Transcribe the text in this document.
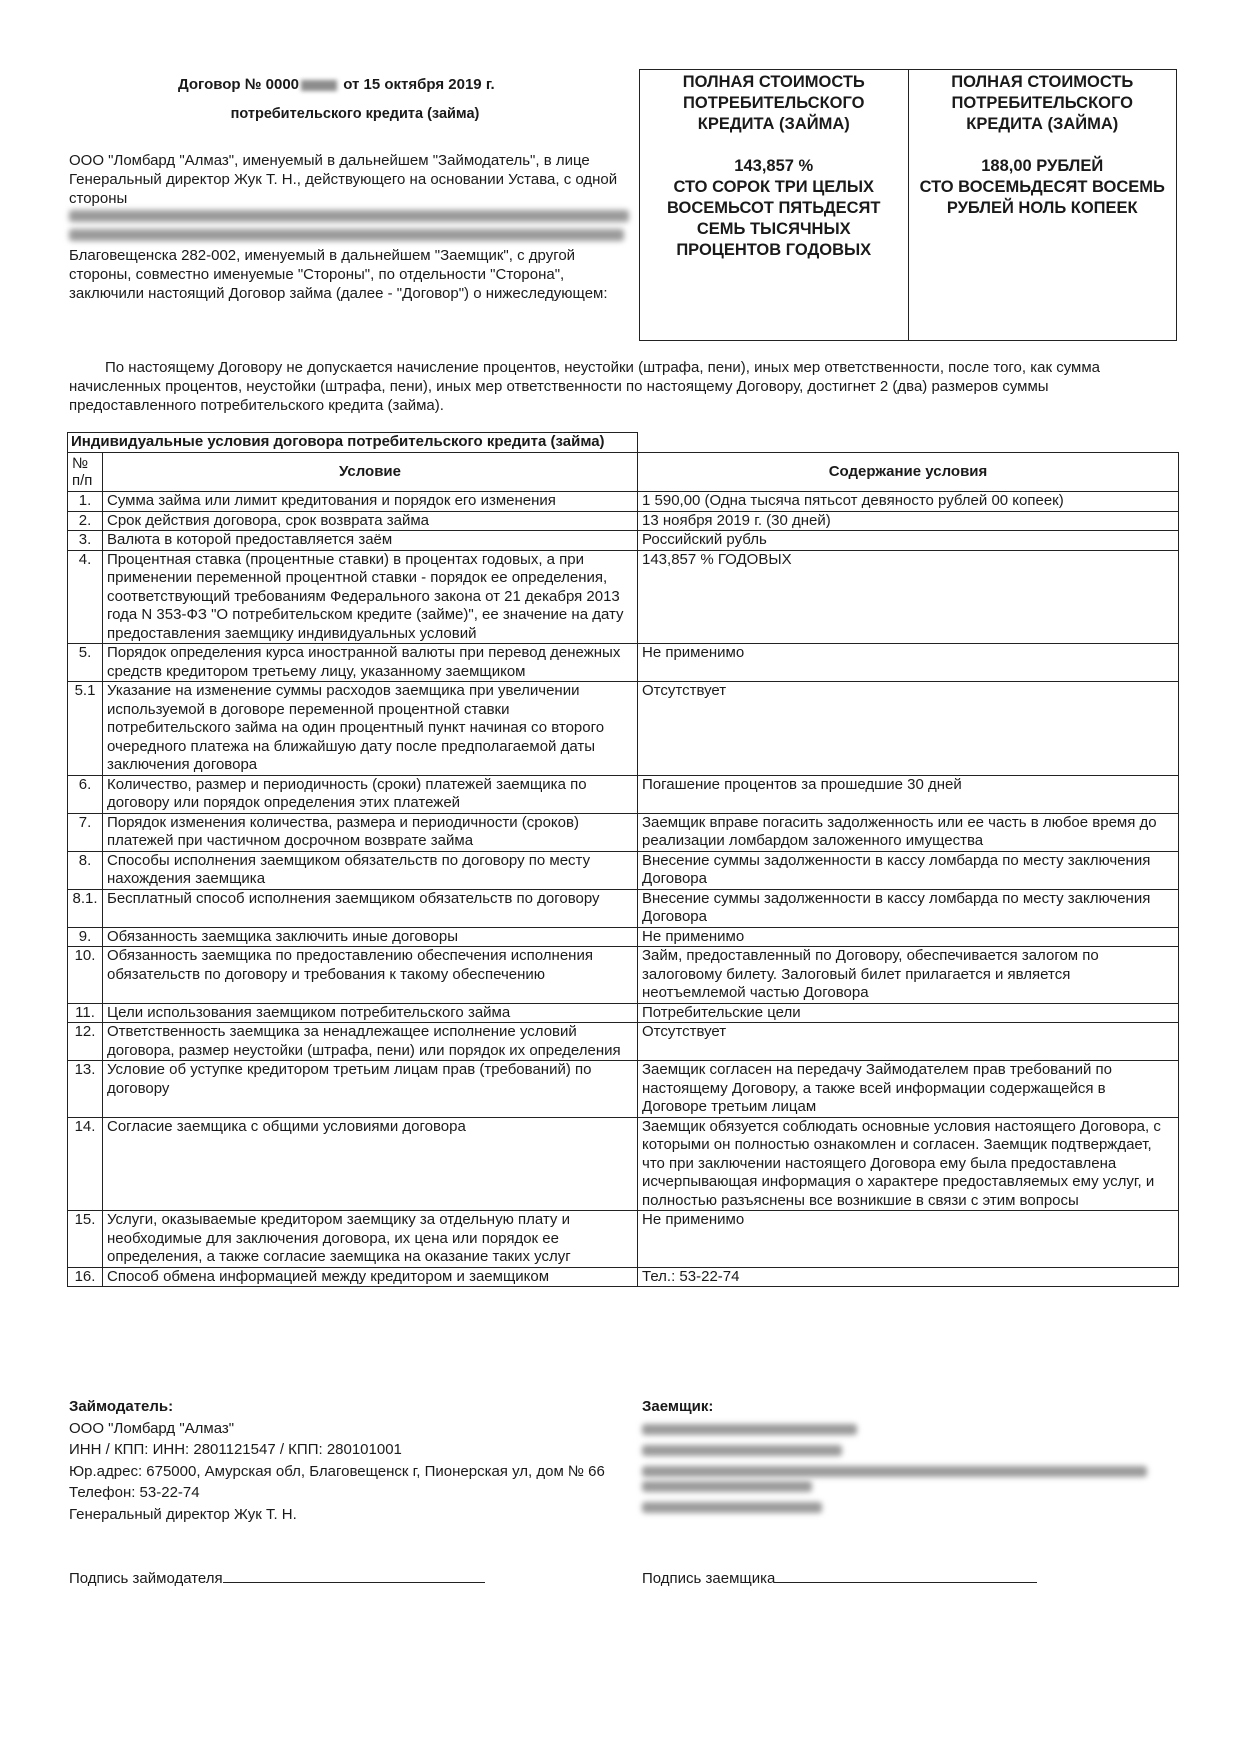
Договор № 0000	от 15 октября 2019 г.
потребительского кредита (займа)
ООО "Ломбард "Алмаз", именуемый в дальнейшем "Займодатель", в лице Генеральный директор Жук Т. Н., действующего на основании Устава, с одной стороны
Благовещенска 282-002, именуемый в дальнейшем "Заемщик", с другой стороны, совместно именуемые "Стороны", по отдельности "Сторона", заключили настоящий Договор займа (далее - "Договор") о нижеследующем:
ПОЛНАЯ СТОИМОСТЬ ПОТРЕБИТЕЛЬСКОГО КРЕДИТА (ЗАЙМА)
143,857 %
СТО СОРОК ТРИ ЦЕЛЫХ ВОСЕМЬСОТ ПЯТЬДЕСЯТ СЕМЬ ТЫСЯЧНЫХ ПРОЦЕНТОВ ГОДОВЫХ
ПОЛНАЯ СТОИМОСТЬ ПОТРЕБИТЕЛЬСКОГО КРЕДИТА (ЗАЙМА)
188,00 РУБЛЕЙ
СТО ВОСЕМЬДЕСЯТ ВОСЕМЬ РУБЛЕЙ НОЛЬ КОПЕЕК
По настоящему Договору не допускается начисление процентов, неустойки (штрафа, пени), иных мер ответственности, после того, как сумма начисленных процентов, неустойки (штрафа, пени), иных мер ответственности по настоящему Договору, достигнет 2 (два) размеров суммы предоставленного потребительского кредита (займа).
Индивидуальные условия договора потребительского кредита (займа)		
№ п/п	Условие	Содержание условия
1.	Сумма займа или лимит кредитования и порядок его изменения	1 590,00 (Одна тысяча пятьсот девяносто рублей 00 копеек)
2.	Срок действия договора, срок возврата займа	13 ноября 2019 г. (30 дней)
3.	Валюта в которой предоставляется заём	Российский рубль
4.	Процентная ставка (процентные ставки) в процентах годовых, а при применении переменной процентной ставки - порядок ее определения, соответствующий требованиям Федерального закона от 21 декабря 2013 года N 353-ФЗ "О потребительском кредите (займе)", ее значение на дату предоставления заемщику индивидуальных условий	143,857 % ГОДОВЫХ
5.	Порядок определения курса иностранной валюты при перевод денежных средств кредитором третьему лицу, указанному заемщиком	Не применимо
5.1	Указание на изменение суммы расходов заемщика при увеличении используемой в договоре переменной процентной ставки потребительского займа на один процентный пункт начиная со второго очередного платежа на ближайшую дату после предполагаемой даты заключения договора	Отсутствует
6.	Количество, размер и периодичность (сроки) платежей заемщика по договору или порядок определения этих платежей	Погашение процентов за прошедшие 30 дней
7.	Порядок изменения количества, размера и периодичности (сроков) платежей при частичном досрочном возврате займа	Заемщик вправе погасить задолженность или ее часть в любое время до реализации ломбардом заложенного имущества
8.	Способы исполнения заемщиком обязательств по договору по месту нахождения заемщика	Внесение суммы задолженности в кассу ломбарда по месту заключения Договора
8.1.	Бесплатный способ исполнения заемщиком обязательств по договору	Внесение суммы задолженности в кассу ломбарда по месту заключения Договора
9.	Обязанность заемщика заключить иные договоры	Не применимо
10.	Обязанность заемщика по предоставлению обеспечения исполнения обязательств по договору и требования к такому обеспечению	Займ, предоставленный по Договору, обеспечивается залогом по залоговому билету. Залоговый билет прилагается и является неотъемлемой частью Договора
11.	Цели использования заемщиком потребительского займа	Потребительские цели
12.	Ответственность заемщика за ненадлежащее исполнение условий договора, размер неустойки (штрафа, пени) или порядок их определения	Отсутствует
13.	Условие об уступке кредитором третьим лицам прав (требований) по договору	Заемщик согласен на передачу Займодателем прав требований по настоящему Договору, а также всей информации содержащейся в Договоре третьим лицам
14.	Согласие заемщика с общими условиями договора	Заемщик обязуется соблюдать основные условия настоящего Договора, с которыми он полностью ознакомлен и согласен. Заемщик подтверждает, что при заключении настоящего Договора ему была предоставлена исчерпывающая информация о характере предоставляемых ему услуг, и полностью разъяснены все возникшие в связи с этим вопросы
15.	Услуги, оказываемые кредитором заемщику за отдельную плату и необходимые для заключения договора, их цена или порядок ее определения, а также согласие заемщика на оказание таких услуг	Не применимо
16.	Способ обмена информацией между кредитором и заемщиком	Тел.: 53-22-74
Займодатель:
ООО "Ломбард "Алмаз"
ИНН / КПП: ИНН: 2801121547 / КПП: 280101001
Юр.адрес: 675000, Амурская обл, Благовещенск г, Пионерская ул, дом № 66
Телефон: 53-22-74
Генеральный директор Жук Т. Н.
Заемщик:
Подпись займодателя	Подпись заемщика
